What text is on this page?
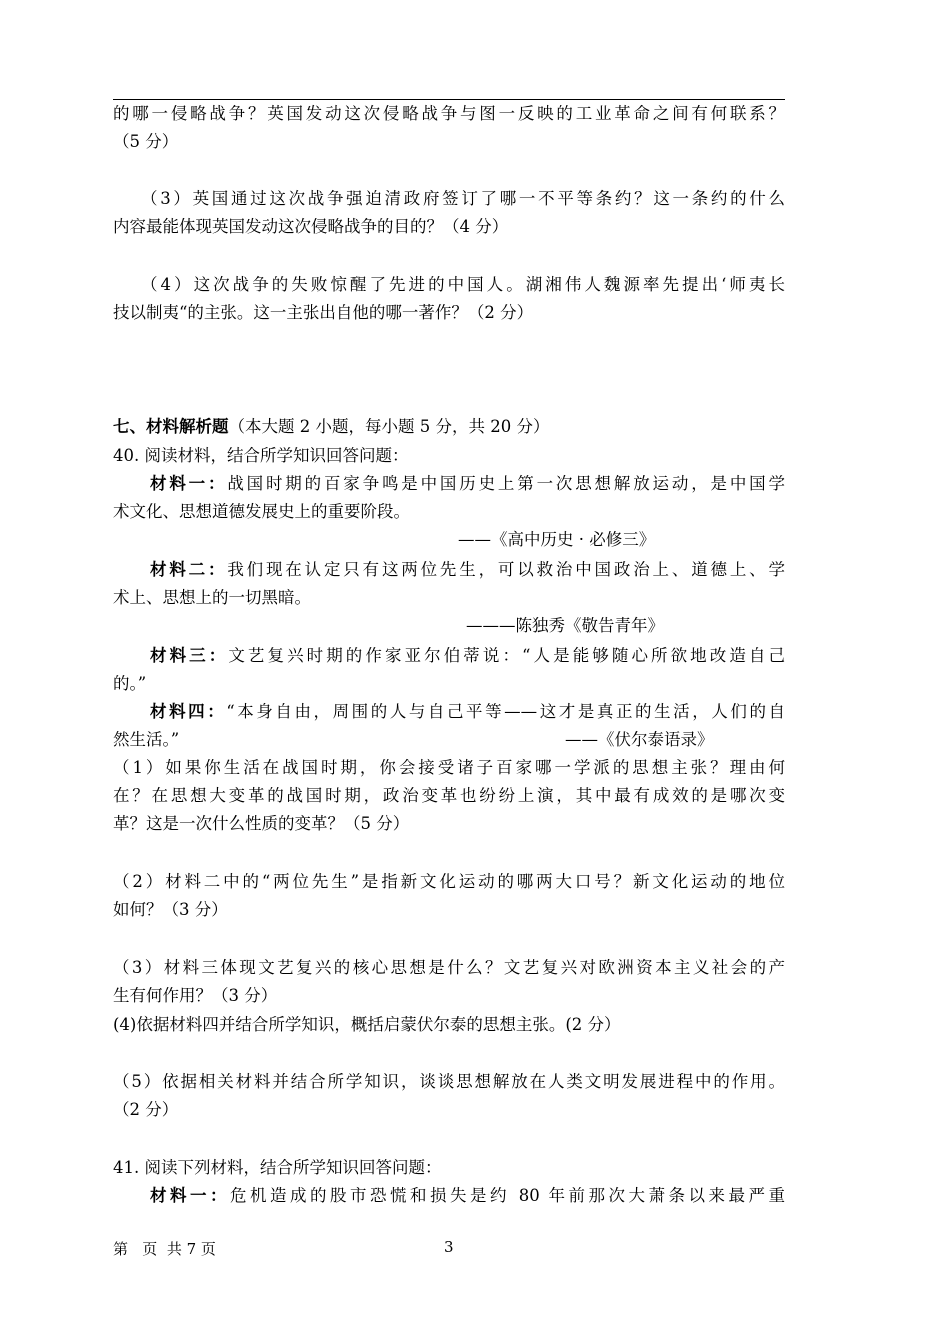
的哪一侵略战争？英国发动这次侵略战争与图一反映的工业革命之间有何联系？
（5 分）
（3）英国通过这次战争强迫清政府签订了哪一不平等条约？这一条约的什么
内容最能体现英国发动这次侵略战争的目的？（4 分）
（4）这次战争的失败惊醒了先进的中国人。湖湘伟人魏源率先提出‘师夷长
技以制夷“的主张。这一主张出自他的哪一著作？（2 分）
七、材料解析题（本大题 2 小题，每小题 5 分，共 20 分）
40. 阅读材料，结合所学知识回答问题：
材料一：战国时期的百家争鸣是中国历史上第一次思想解放运动，是中国学
术文化、思想道德发展史上的重要阶段。
——《高中历史 · 必修三》
材料二：我们现在认定只有这两位先生，可以救治中国政治上、道德上、学
术上、思想上的一切黑暗。
———陈独秀《敬告青年》
材料三：文艺复兴时期的作家亚尔伯蒂说：“人是能够随心所欲地改造自己
的。”
材料四：“本身自由，周围的人与自己平等——这才是真正的生活，人们的自
然生活。”	——《伏尔泰语录》
（1）如果你生活在战国时期，你会接受诸子百家哪一学派的思想主张？理由何
在？在思想大变革的战国时期，政治变革也纷纷上演，其中最有成效的是哪次变
革？这是一次什么性质的变革？（5 分）
（2）材料二中的“两位先生”是指新文化运动的哪两大口号？新文化运动的地位
如何？（3 分）
（3）材料三体现文艺复兴的核心思想是什么？文艺复兴对欧洲资本主义社会的产
生有何作用？（3 分）
(4)依据材料四并结合所学知识，概括启蒙伏尔泰的思想主张。(2 分）
（5）依据相关材料并结合所学知识，谈谈思想解放在人类文明发展进程中的作用。
（2 分）
41. 阅读下列材料，结合所学知识回答问题：
材料一：危机造成的股市恐慌和损失是约 80 年前那次大萧条以来最严重
第   页  共 7 页	3
